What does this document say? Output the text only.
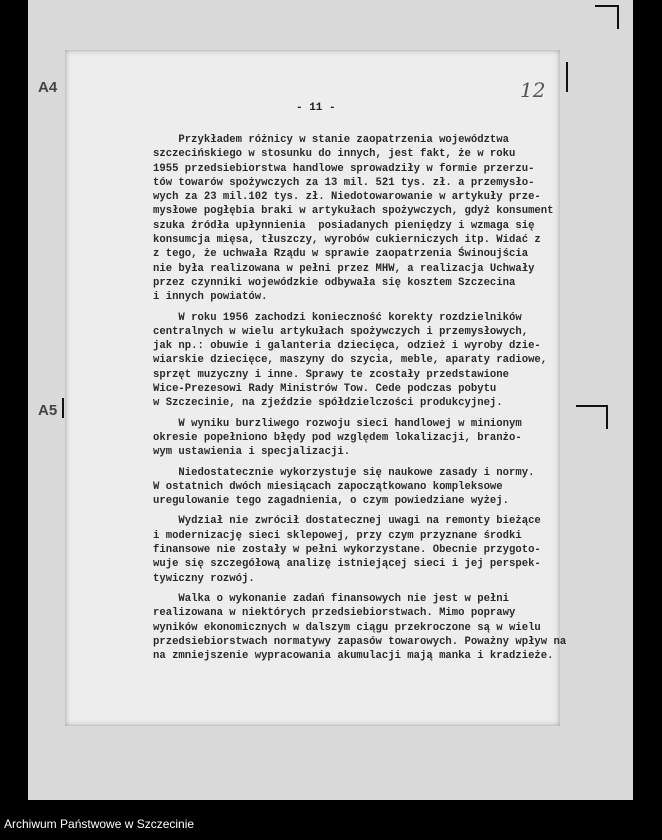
A4
A5
12
- 11 -
Przykładem różnicy w stanie zaopatrzenia województwa
szczecińskiego w stosunku do innych, jest fakt, że w roku
1955 przedsiebiorstwa handlowe sprowadziły w formie przerzu-
tów towarów spożywczych za 13 mil. 521 tys. zł. a przemysło-
wych za 23 mil.102 tys. zł. Niedotowarowanie w artykuły prze-
mysłowe pogłębia braki w artykułach spożywczych, gdyż konsument
szuka źródła upłynnienia  posiadanych pieniędzy i wzmaga się
konsumcja mięsa, tłuszczy, wyrobów cukierniczych itp. Widać z
z tego, że uchwała Rządu w sprawie zaopatrzenia Świnoujścia
nie była realizowana w pełni przez MHW, a realizacja Uchwały
przez czynniki wojewódzkie odbywała się kosztem Szczecina
i innych powiatów.
W roku 1956 zachodzi konieczność korekty rozdzielników
centralnych w wielu artykułach spożywczych i przemysłowych,
jak np.: obuwie i galanteria dziecięca, odzież i wyroby dzie-
wiarskie dziecięce, maszyny do szycia, meble, aparaty radiowe,
sprzęt muzyczny i inne. Sprawy te zcostały przedstawione
Wice-Prezesowi Rady Ministrów Tow. Cede podczas pobytu
w Szczecinie, na zjeździe spółdzielczości produkcyjnej.
W wyniku burzliwego rozwoju sieci handlowej w minionym
okresie popełniono błędy pod względem lokalizacji, branżo-
wym ustawienia i specjalizacji.
Niedostatecznie wykorzystuje się naukowe zasady i normy.
W ostatnich dwóch miesiącach zapoczątkowano kompleksowe
uregulowanie tego zagadnienia, o czym powiedziane wyżej.
Wydział nie zwrócił dostatecznej uwagi na remonty bieżące
i modernizację sieci sklepowej, przy czym przyznane środki
finansowe nie zostały w pełni wykorzystane. Obecnie przygoto-
wuje się szczegółową analizę istniejącej sieci i jej perspek-
tywiczny rozwój.
Walka o wykonanie zadań finansowych nie jest w pełni
realizowana w niektórych przedsiebiorstwach. Mimo poprawy
wyników ekonomicznych w dalszym ciągu przekroczone są w wielu
przedsiebiorstwach normatywy zapasów towarowych. Poważny wpływ na
na zmniejszenie wypracowania akumulacji mają manka i kradzieże.
Archiwum Państwowe w Szczecinie
